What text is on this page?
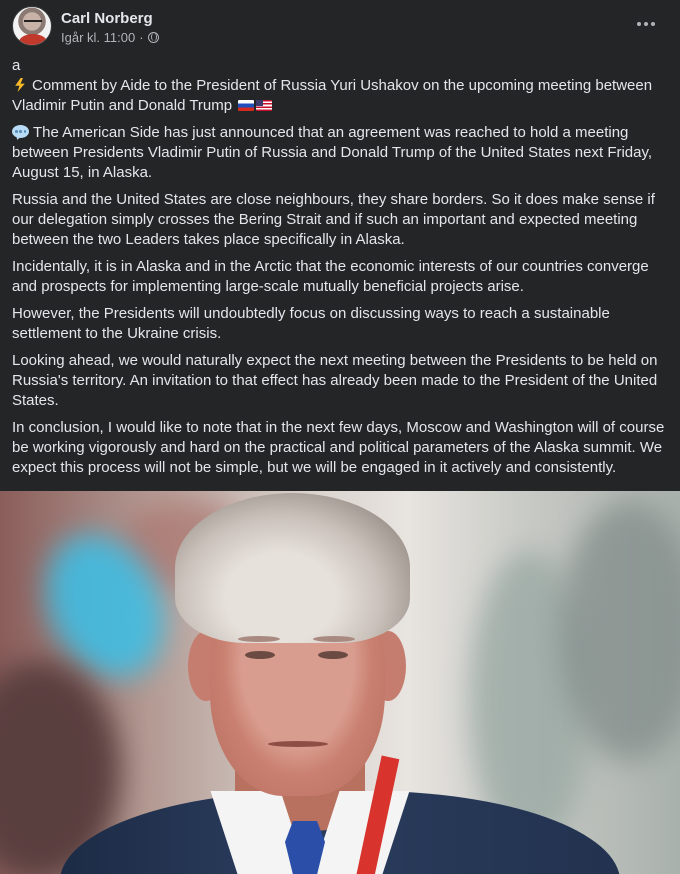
Carl Norberg
Igår kl. 11:00 ·

a

Comment by Aide to the President of Russia Yuri Ushakov on the upcoming meeting between Vladimir Putin and Donald Trump

The American Side has just announced that an agreement was reached to hold a meeting between Presidents Vladimir Putin of Russia and Donald Trump of the United States next Friday, August 15, in Alaska.

Russia and the United States are close neighbours, they share borders. So it does make sense if our delegation simply crosses the Bering Strait and if such an important and expected meeting between the two Leaders takes place specifically in Alaska.

Incidentally, it is in Alaska and in the Arctic that the economic interests of our countries converge and prospects for implementing large-scale mutually beneficial projects arise.

However, the Presidents will undoubtedly focus on discussing ways to reach a sustainable settlement to the Ukraine crisis.

Looking ahead, we would naturally expect the next meeting between the Presidents to be held on Russia's territory. An invitation to that effect has already been made to the President of the United States.

In conclusion, I would like to note that in the next few days, Moscow and Washington will of course be working vigorously and hard on the practical and political parameters of the Alaska summit. We expect this process will not be simple, but we will be engaged in it actively and consistently.
